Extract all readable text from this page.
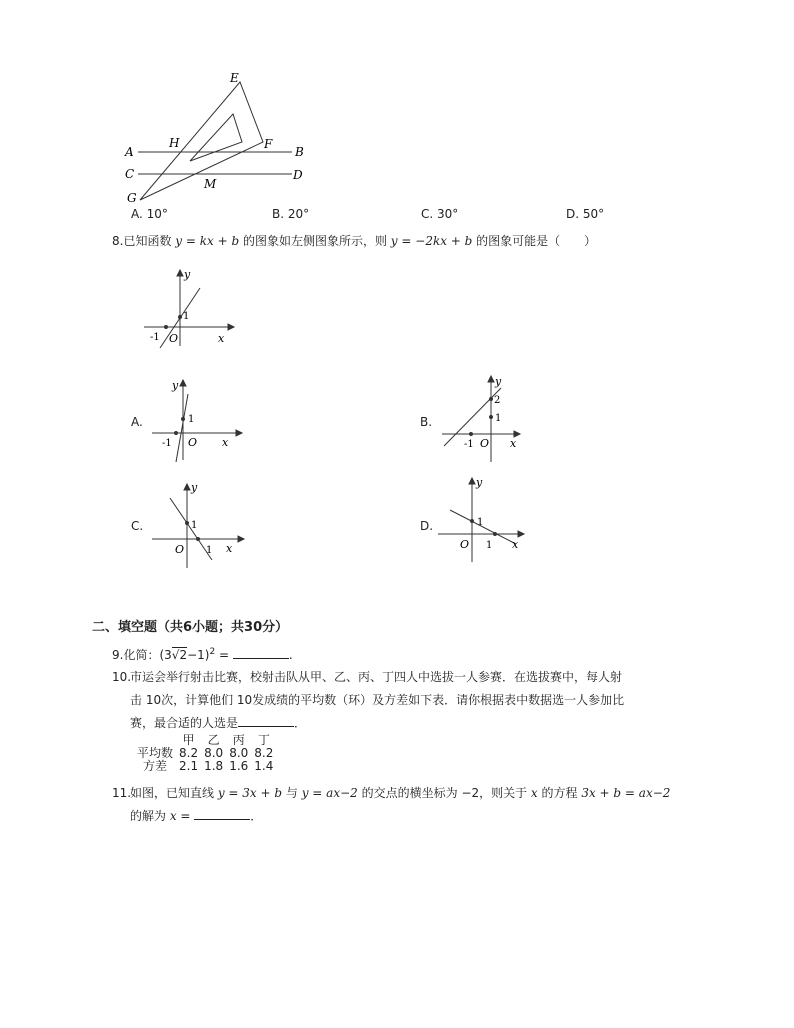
E
H	F
A	B
C	D
M
G
A. 10°	B. 20°	C. 30°	D. 50°
8.已知函数 y = kx + b 的图象如左侧图象所示，则 y = −2kx + b 的图象可能是（　　）
y
1
-1 O	x
A.
y
1
-1 O x
B.
y
2
1
-1 O x
C.
y
1
O 1 x
D.
y
1
O 1 x
二、填空题（共6小题；共30分）
9.化简：$(3√2-1)^2$ =	.
10.
市运会举行射击比赛，校射击队从甲、乙、丙、丁四人中选拔一人参赛．在选拔赛中，每人射
击 10次，计算他们 10发成绩的平均数（环）及方差如下表．请你根据表中数据选一人参加比
赛，最合适的人选是	．
	甲	乙	丙	丁
平均数	8.2	8.0	8.0	8.2
方差	2.1	1.8	1.6	1.4
11.
如图，已知直线 y = 3x + b 与 y = ax−2 的交点的横坐标为 −2，则关于 x 的方程 3x + b = ax−2
的解为 x =	．
